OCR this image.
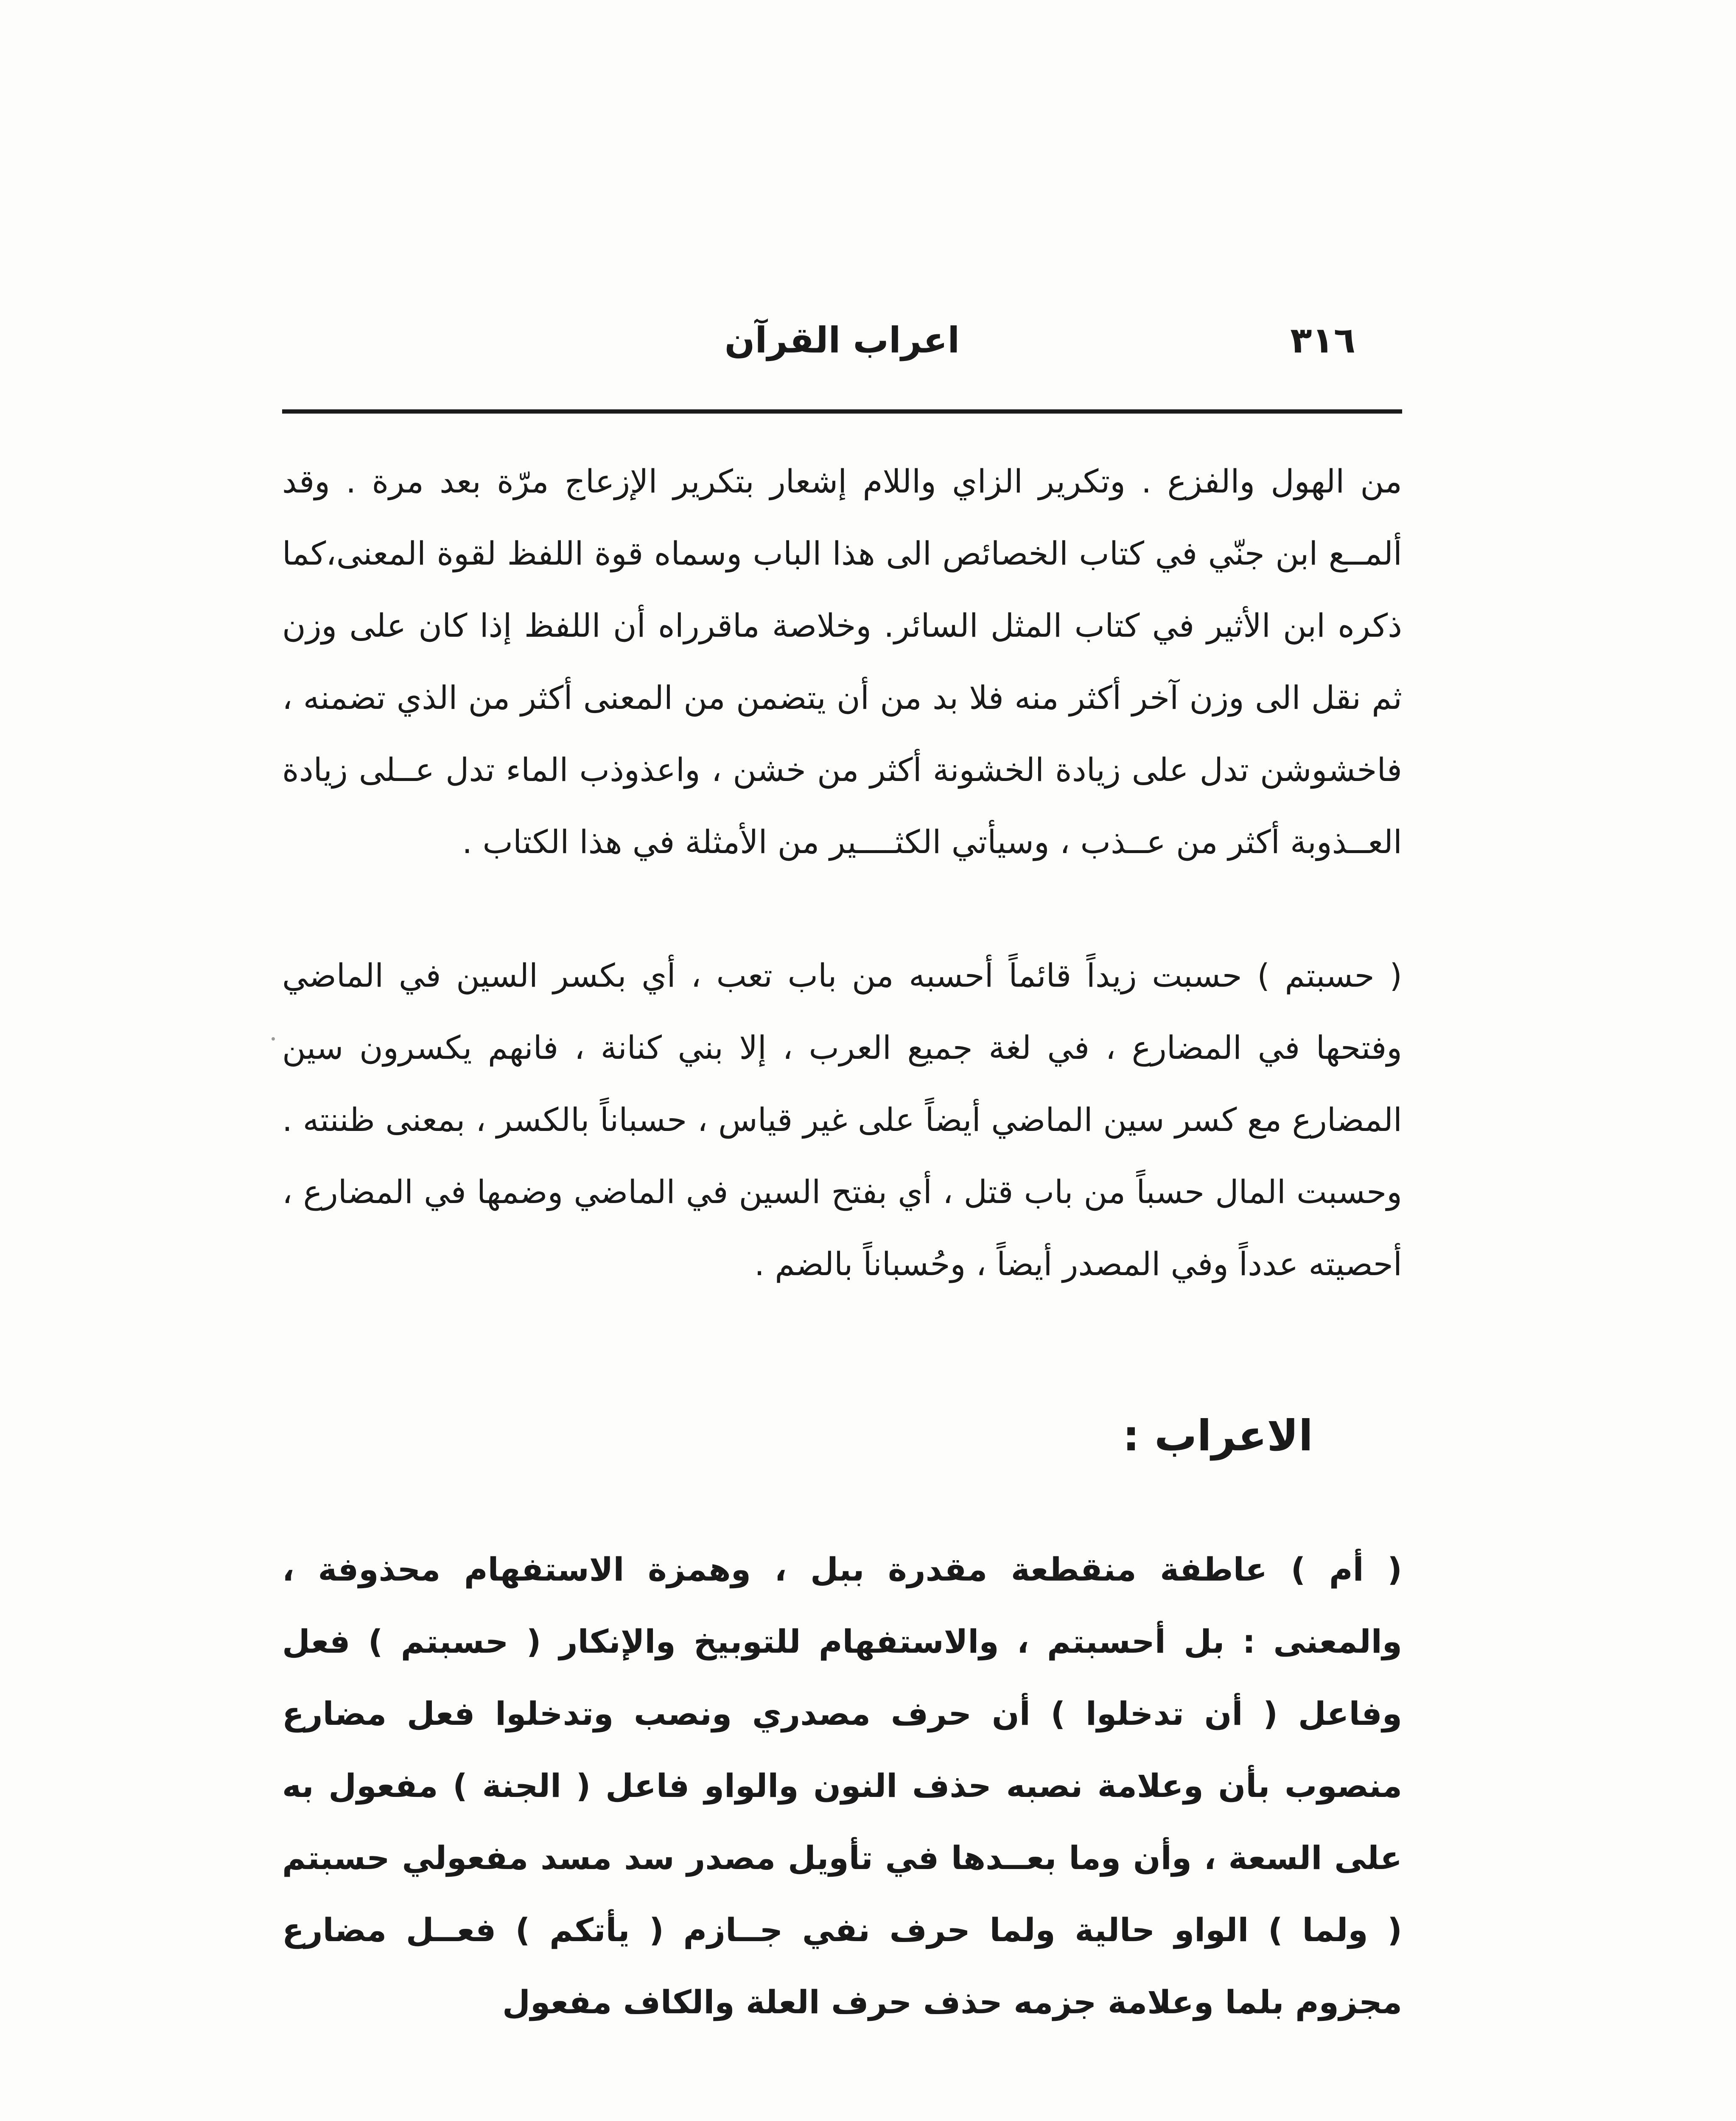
٣١٦
اعراب القرآن

من الهول والفزع . وتكرير الزاي واللام إشعار بتكرير الإزعاج مرّة بعد مرة . وقد ألمــع ابن جنّي في كتاب الخصائص الى هذا الباب وسماه قوة اللفظ لقوة المعنى،كما ذكره ابن الأثير في كتاب المثل السائر. وخلاصة ماقرراه أن اللفظ إذا كان على وزن ثم نقل الى وزن آخر أكثر منه فلا بد من أن يتضمن من المعنى أكثر من الذي تضمنه ، فاخشوشن تدل على زيادة الخشونة أكثر من خشن ، واعذوذب الماء تدل عــلى زيادة العــذوبة أكثر من عــذب ، وسيأتي الكثــــير من الأمثلة في هذا الكتاب .

( حسبتم ) حسبت زيداً قائماً أحسبه من باب تعب ، أي بكسر السين في الماضي وفتحها في المضارع ، في لغة جميع العرب ، إلا بني كنانة ، فانهم يكسرون سين المضارع مع كسر سين الماضي أيضاً على غير قياس ، حسباناً بالكسر ، بمعنى ظننته . وحسبت المال حسباً من باب قتل ، أي بفتح السين في الماضي وضمها في المضارع ، أحصيته عدداً وفي المصدر أيضاً ، وحُسباناً بالضم .

الاعراب :

( أم ) عاطفة منقطعة مقدرة ببل ، وهمزة الاستفهام محذوفة ، والمعنى : بل أحسبتم ، والاستفهام للتوبيخ والإنكار ( حسبتم ) فعل وفاعل ( أن تدخلوا ) أن حرف مصدري ونصب وتدخلوا فعل مضارع منصوب بأن وعلامة نصبه حذف النون والواو فاعل ( الجنة ) مفعول به على السعة ، وأن وما بعــدها في تأويل مصدر سد مسد مفعولي حسبتم ( ولما ) الواو حالية ولما حرف نفي جــازم ( يأتكم ) فعــل مضارع مجزوم بلما وعلامة جزمه حذف حرف العلة والكاف مفعول
